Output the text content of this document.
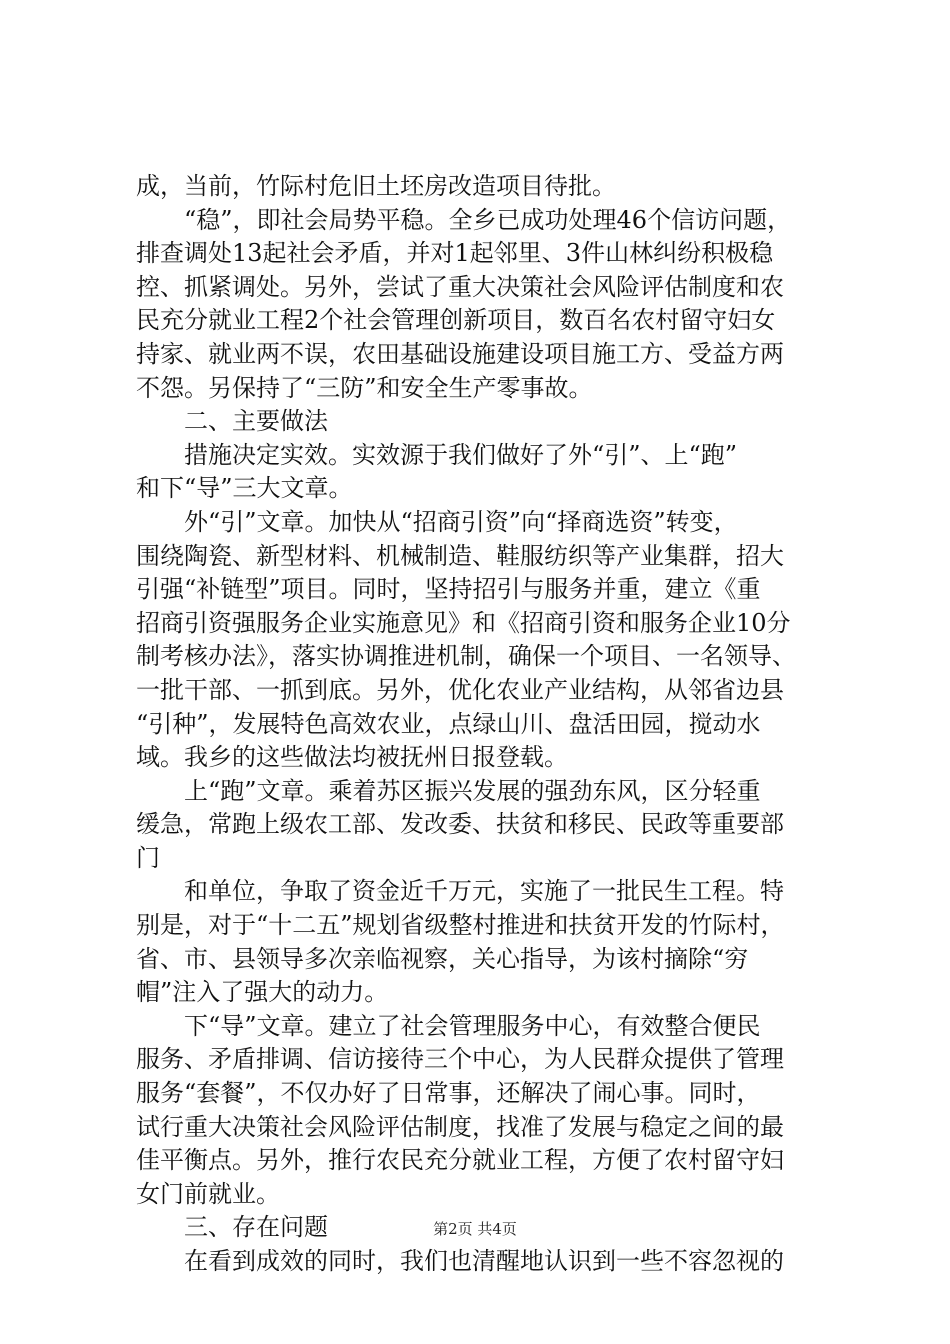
成，当前，竹际村危旧土坯房改造项目待批。
“稳”，即社会局势平稳。全乡已成功处理46个信访问题，
排查调处13起社会矛盾，并对1起邻里、3件山林纠纷积极稳
控、抓紧调处。另外，尝试了重大决策社会风险评估制度和农
民充分就业工程2个社会管理创新项目，数百名农村留守妇女
持家、就业两不误，农田基础设施建设项目施工方、受益方两
不怨。另保持了“三防”和安全生产零事故。
二、主要做法
措施决定实效。实效源于我们做好了外“引”、上“跑”
和下“导”三大文章。
外“引”文章。加快从“招商引资”向“择商选资”转变，
围绕陶瓷、新型材料、机械制造、鞋服纺织等产业集群，招大
引强“补链型”项目。同时，坚持招引与服务并重，建立《重
招商引资强服务企业实施意见》和《招商引资和服务企业10分
制考核办法》，落实协调推进机制，确保一个项目、一名领导、
一批干部、一抓到底。另外，优化农业产业结构，从邻省边县
“引种”，发展特色高效农业，点绿山川、盘活田园，搅动水
域。我乡的这些做法均被抚州日报登载。
上“跑”文章。乘着苏区振兴发展的强劲东风，区分轻重
缓急，常跑上级农工部、发改委、扶贫和移民、民政等重要部
门
和单位，争取了资金近千万元，实施了一批民生工程。特
别是，对于“十二五”规划省级整村推进和扶贫开发的竹际村，
省、市、县领导多次亲临视察，关心指导，为该村摘除“穷
帽”注入了强大的动力。
下“导”文章。建立了社会管理服务中心，有效整合便民
服务、矛盾排调、信访接待三个中心，为人民群众提供了管理
服务“套餐”，不仅办好了日常事，还解决了闹心事。同时，
试行重大决策社会风险评估制度，找准了发展与稳定之间的最
佳平衡点。另外，推行农民充分就业工程，方便了农村留守妇
女门前就业。
三、存在问题
在看到成效的同时，我们也清醒地认识到一些不容忽视的
第2页 共4页
